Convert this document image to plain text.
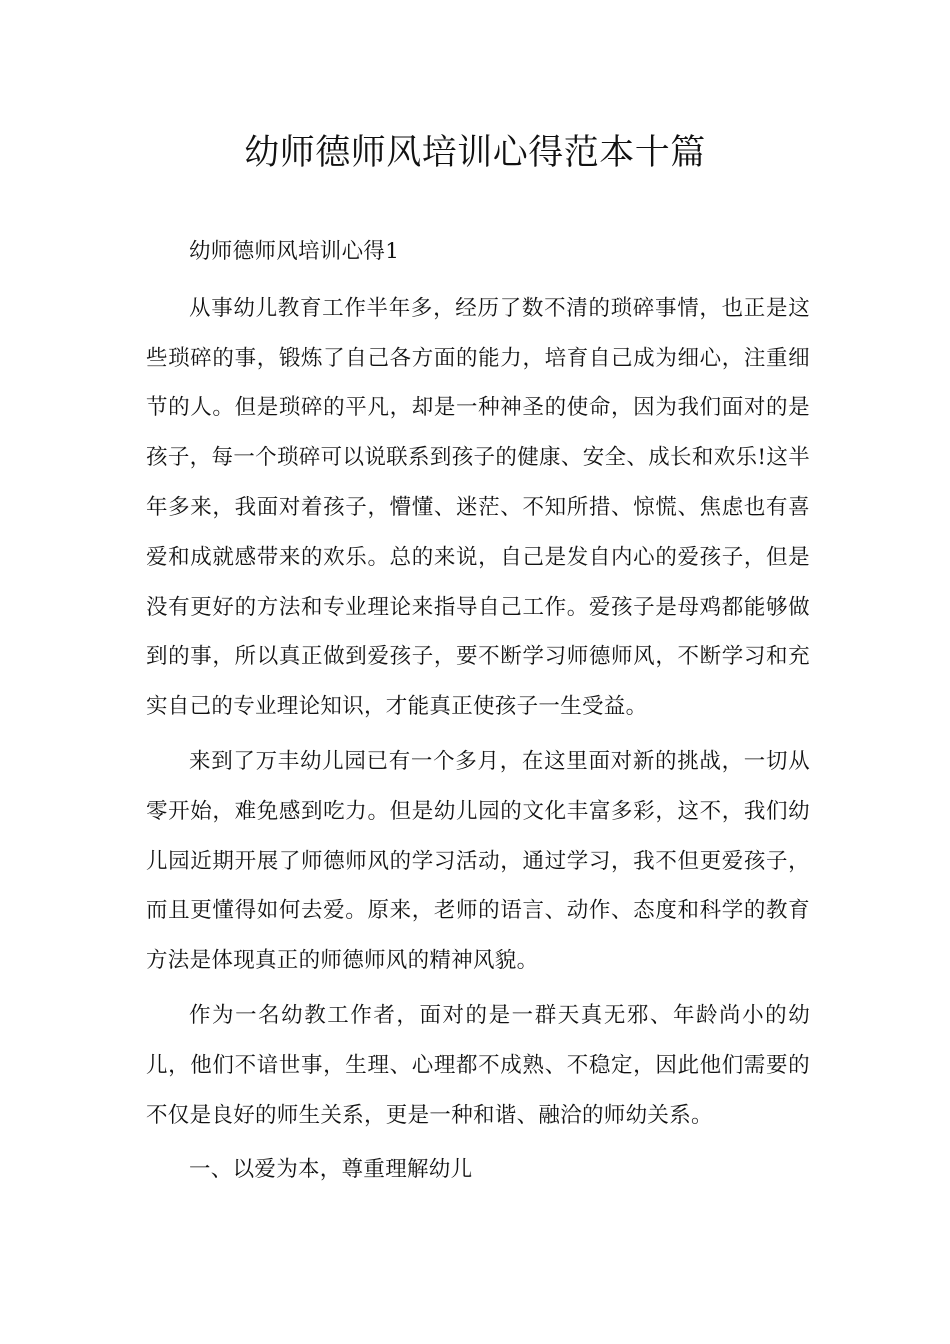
幼师德师风培训心得范本十篇

幼师德师风培训心得1

从事幼儿教育工作半年多，经历了数不清的琐碎事情，也正是这些琐碎的事，锻炼了自己各方面的能力，培育自己成为细心，注重细节的人。但是琐碎的平凡，却是一种神圣的使命，因为我们面对的是孩子，每一个琐碎可以说联系到孩子的健康、安全、成长和欢乐!这半年多来，我面对着孩子，懵懂、迷茫、不知所措、惊慌、焦虑也有喜爱和成就感带来的欢乐。总的来说，自己是发自内心的爱孩子，但是没有更好的方法和专业理论来指导自己工作。爱孩子是母鸡都能够做到的事，所以真正做到爱孩子，要不断学习师德师风，不断学习和充实自己的专业理论知识，才能真正使孩子一生受益。

来到了万丰幼儿园已有一个多月，在这里面对新的挑战，一切从零开始，难免感到吃力。但是幼儿园的文化丰富多彩，这不，我们幼儿园近期开展了师德师风的学习活动，通过学习，我不但更爱孩子，而且更懂得如何去爱。原来，老师的语言、动作、态度和科学的教育方法是体现真正的师德师风的精神风貌。

作为一名幼教工作者，面对的是一群天真无邪、年龄尚小的幼儿，他们不谙世事，生理、心理都不成熟、不稳定，因此他们需要的不仅是良好的师生关系，更是一种和谐、融洽的师幼关系。

一、以爱为本，尊重理解幼儿
